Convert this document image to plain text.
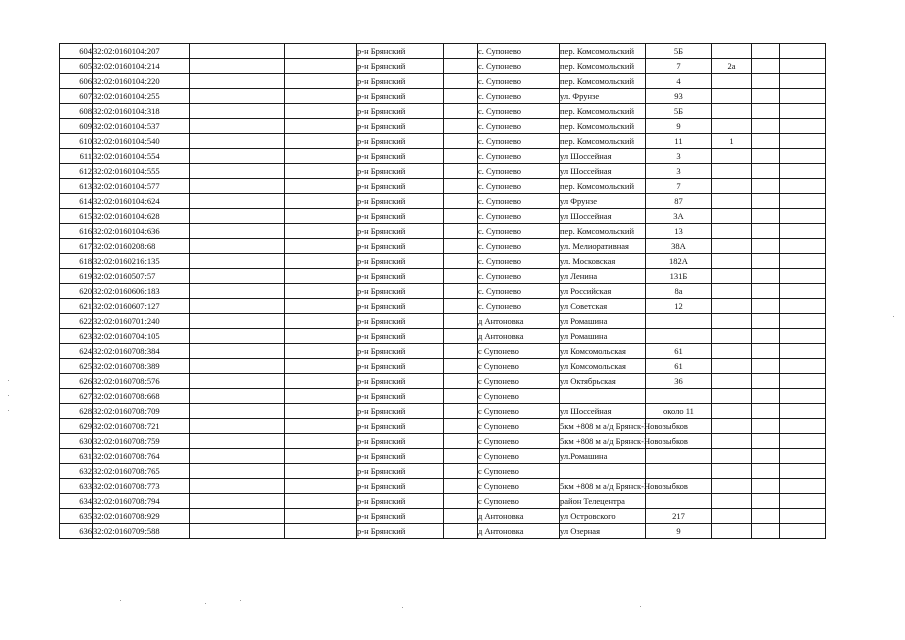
604	32:02:0160104:207			р-н Брянский		с. Супонево	пер. Комсомольский	5Б			
605	32:02:0160104:214			р-н Брянский		с. Супонево	пер. Комсомольский	7	2а		
606	32:02:0160104:220			р-н Брянский		с. Супонево	пер. Комсомольский	4			
607	32:02:0160104:255			р-н Брянский		с. Супонево	ул. Фрунзе	93			
608	32:02:0160104:318			р-н Брянский		с. Супонево	пер. Комсомольский	5Б			
609	32:02:0160104:537			р-н Брянский		с. Супонево	пер. Комсомольский	9			
610	32:02:0160104:540			р-н Брянский		с. Супонево	пер. Комсомольский	11	1		
611	32:02:0160104:554			р-н Брянский		с. Супонево	ул Шоссейная	3			
612	32:02:0160104:555			р-н Брянский		с. Супонево	ул Шоссейная	3			
613	32:02:0160104:577			р-н Брянский		с. Супонево	пер. Комсомольский	7			
614	32:02:0160104:624			р-н Брянский		с. Супонево	ул Фрунзе	87			
615	32:02:0160104:628			р-н Брянский		с. Супонево	ул Шоссейная	3А			
616	32:02:0160104:636			р-н Брянский		с. Супонево	пер. Комсомольский	13			
617	32:02:0160208:68			р-н Брянский		с. Супонево	ул. Мелиоративная	38А			
618	32:02:0160216:135			р-н Брянский		с. Супонево	ул. Московская	182А			
619	32:02:0160507:57			р-н Брянский		с. Супонево	ул Ленина	131Б			
620	32:02:0160606:183			р-н Брянский		с. Супонево	ул Российская	8а			
621	32:02:0160607:127			р-н Брянский		с. Супонево	ул Советская	12			
622	32:02:0160701:240			р-н Брянский		д Антоновка	ул Ромашина				
623	32:02:0160704:105			р-н Брянский		д Антоновка	ул Ромашина				
624	32:02:0160708:384			р-н Брянский		с Супонево	ул Комсомольская	61			
625	32:02:0160708:389			р-н Брянский		с Супонево	ул Комсомольская	61			
626	32:02:0160708:576			р-н Брянский		с Супонево	ул Октябрьская	36			
627	32:02:0160708:668			р-н Брянский		с Супонево					
628	32:02:0160708:709			р-н Брянский		с Супонево	ул Шоссейная	около 11			
629	32:02:0160708:721			р-н Брянский		с Супонево	5км +808 м а/д Брянск-Новозыбков				
630	32:02:0160708:759			р-н Брянский		с Супонево	5км +808 м а/д Брянск-Новозыбков				
631	32:02:0160708:764			р-н Брянский		с Супонево	ул.Ромашина				
632	32:02:0160708:765			р-н Брянский		с Супонево					
633	32:02:0160708:773			р-н Брянский		с Супонево	5км +808 м а/д Брянск-Новозыбков				
634	32:02:0160708:794			р-н Брянский		с Супонево	район Телецентра				
635	32:02:0160708:929			р-н Брянский		д Антоновка	ул Островского	217			
636	32:02:0160709:588			р-н Брянский		д Антоновка	ул Озерная	9			
